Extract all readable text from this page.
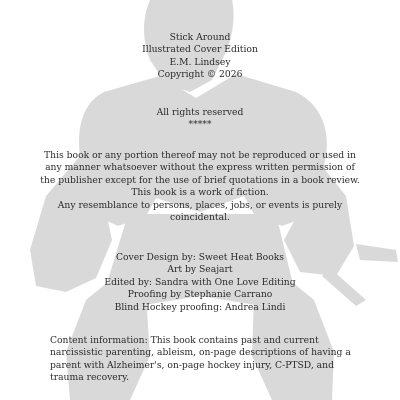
Stick Around
Illustrated Cover Edition
E.M. Lindsey
Copyright © 2026
All rights reserved
*****
This book or any portion thereof may not be reproduced or used in any manner whatsoever without the express written permission of the publisher except for the use of brief quotations in a book review. This book is a work of fiction.
Any resemblance to persons, places, jobs, or events is purely coincidental.
Cover Design by: Sweet Heat Books
Art by Seajart
Edited by: Sandra with One Love Editing
Proofing by Stephanie Carrano
Blind Hockey proofing: Andrea Lindi
Content information: This book contains past and current narcissistic parenting, ableism, on-page descriptions of having a parent with Alzheimer's, on-page hockey injury, C-PTSD, and trauma recovery.
